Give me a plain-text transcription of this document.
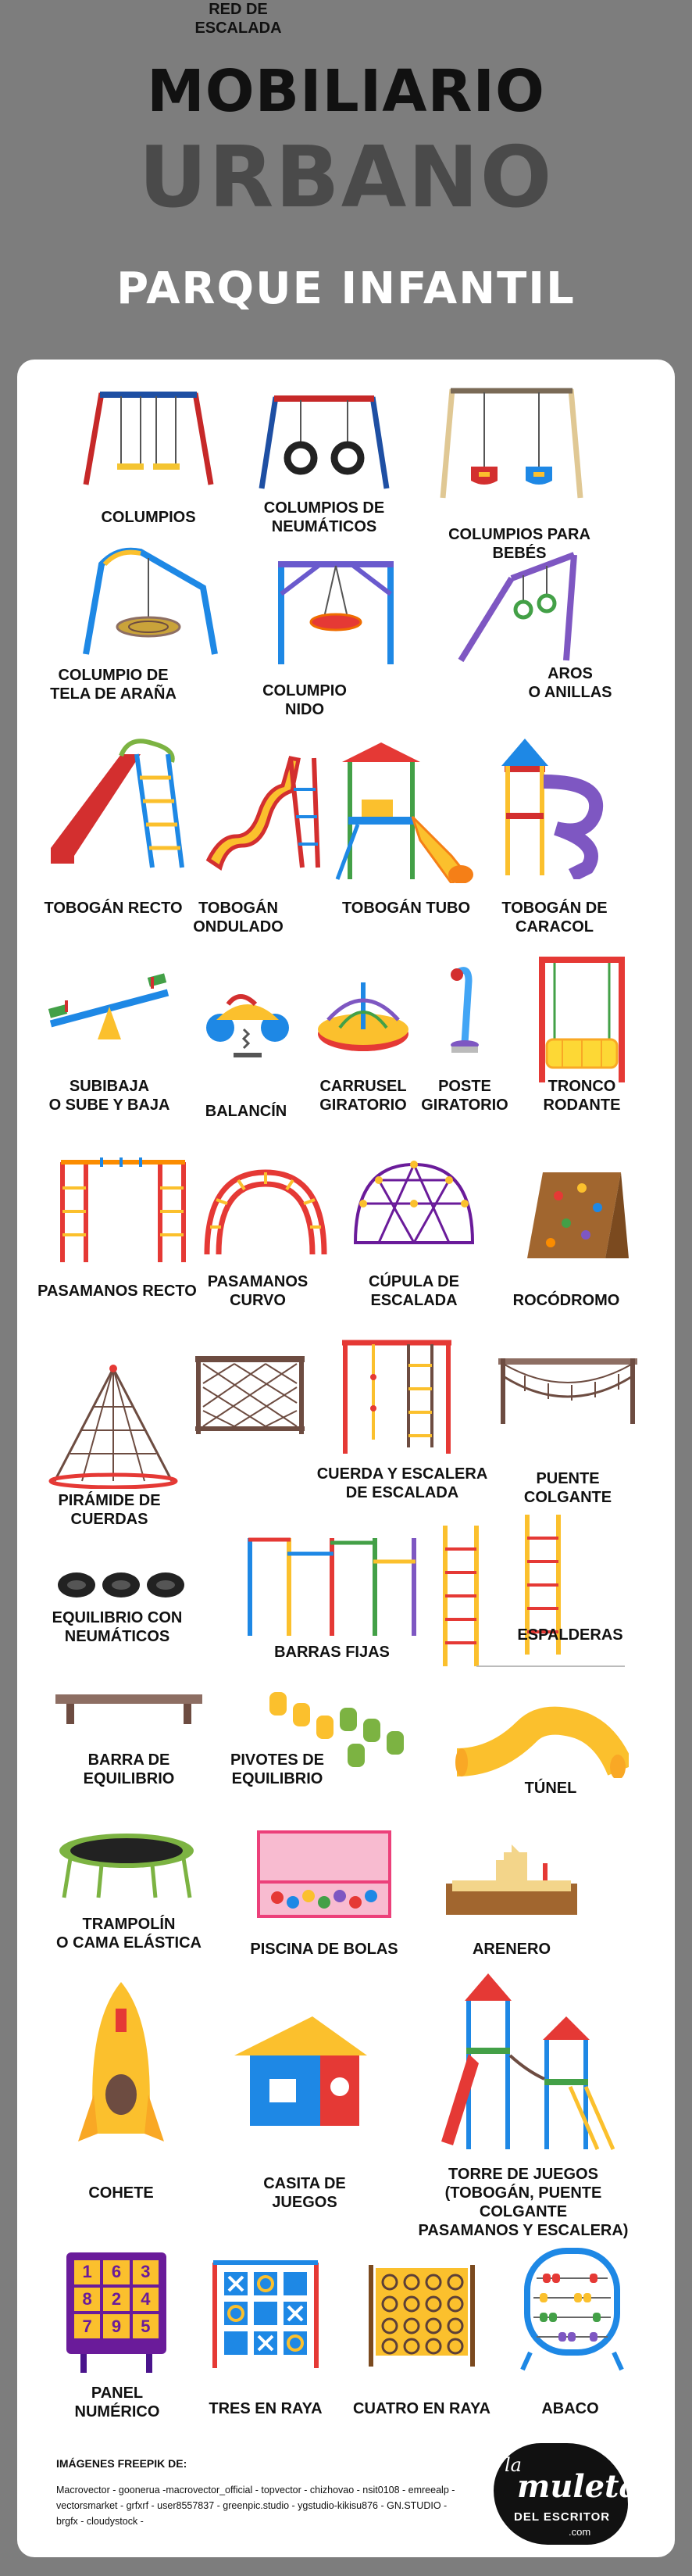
MOBILIARIO
URBANO
PARQUE INFANTIL
COLUMPIOS
COLUMPIOS DE
NEUMÁTICOS	COLUMPIOS PARA BEBÉS
COLUMPIO DE
TELA DE ARAÑA	COLUMPIO
NIDO
AROS
O ANILLAS
TOBOGÁN RECTO	TOBOGÁN
ONDULADO
TOBOGÁN TUBO	TOBOGÁN DE
CARACOL
SUBIBAJA
O SUBE Y BAJA	BALANCÍN
CARRUSEL
GIRATORIO
POSTE
GIRATORIO
TRONCO
RODANTE
PASAMANOS RECTO
PASAMANOS
CURVO
CÚPULA DE
ESCALADA	ROCÓDROMO
PIRÁMIDE DE
CUERDAS
RED DE
ESCALADA
CUERDA Y ESCALERA
DE ESCALADA
PUENTE COLGANTE
EQUILIBRIO CON
NEUMÁTICOS
BARRAS FIJAS
ESPALDERAS
BARRA DE
EQUILIBRIO
PIVOTES DE
EQUILIBRIO
TÚNEL
TRAMPOLÍN
O CAMA ELÁSTICA	PISCINA DE BOLAS	ARENERO
COHETE
CASITA DE
JUEGOS
TORRE DE JUEGOS
(TOBOGÁN, PUENTE COLGANTE
PASAMANOS Y ESCALERA)
1	6	3
8	2	4
7	9	5
PANEL
NUMÉRICO	TRES EN RAYA	CUATRO EN RAYA	ABACO
IMÁGENES FREEPIK DE:
Macrovector - goonerua -macrovector_official - topvector - chizhovao - nsit0108 - emreealp -vectorsmarket - grfxrf - user8557837 - greenpic.studio - ygstudio-kikisu876 - GN.STUDIO - brgfx - cloudystock -
la
muleta
DEL ESCRITOR
.com
